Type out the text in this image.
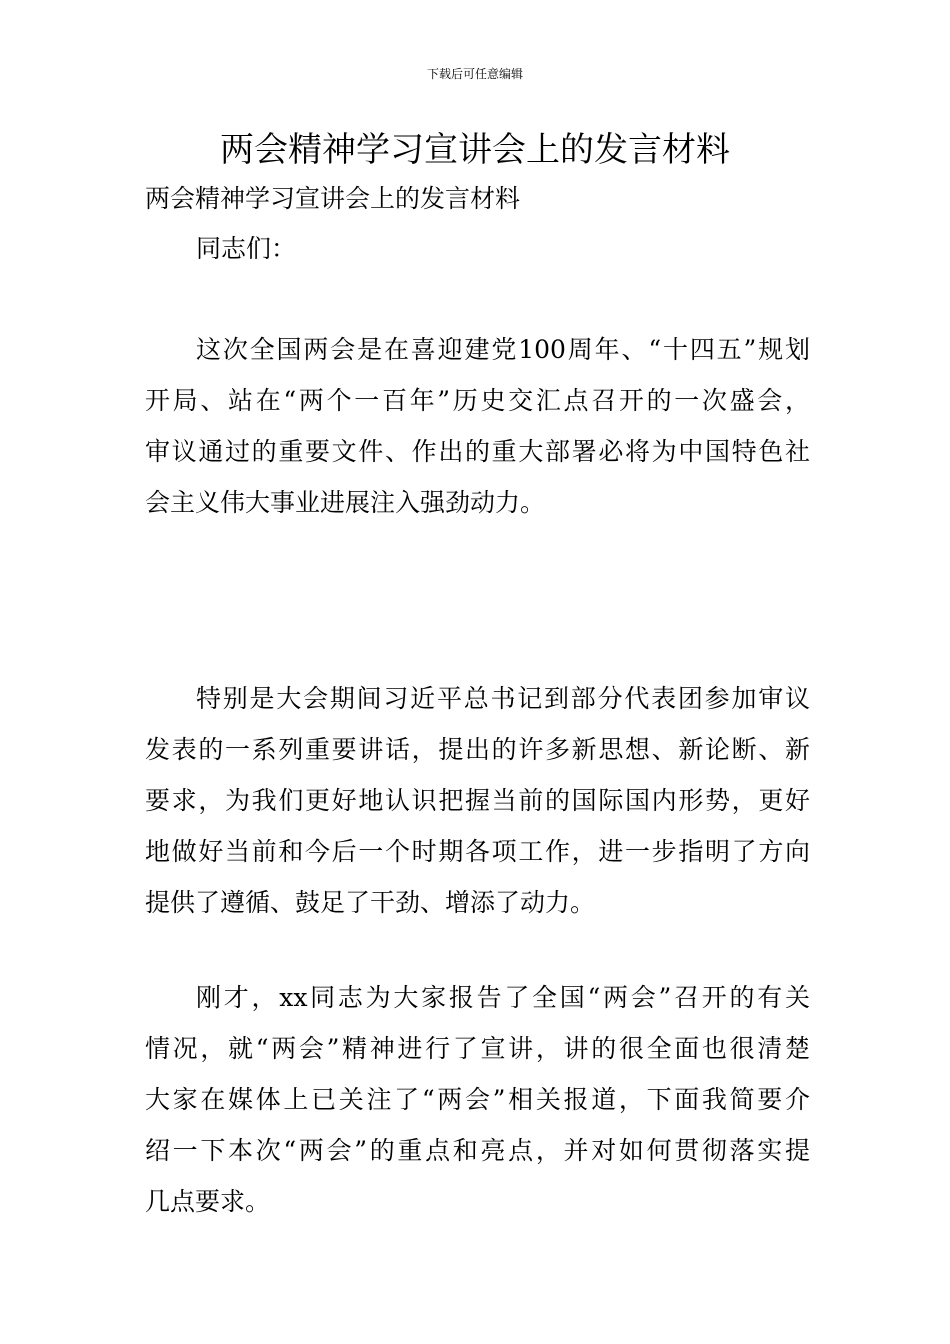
下载后可任意编辑
两会精神学习宣讲会上的发言材料
两会精神学习宣讲会上的发言材料
同志们：
这次全国两会是在喜迎建党100周年、“十四五”规划
开局、站在“两个一百年”历史交汇点召开的一次盛会，
审议通过的重要文件、作出的重大部署必将为中国特色社
会主义伟大事业进展注入强劲动力。
特别是大会期间习近平总书记到部分代表团参加审议
发表的一系列重要讲话，提出的许多新思想、新论断、新
要求，为我们更好地认识把握当前的国际国内形势，更好
地做好当前和今后一个时期各项工作，进一步指明了方向
提供了遵循、鼓足了干劲、增添了动力。
刚才，xx同志为大家报告了全国“两会”召开的有关
情况，就“两会”精神进行了宣讲，讲的很全面也很清楚
大家在媒体上已关注了“两会”相关报道，下面我简要介
绍一下本次“两会”的重点和亮点，并对如何贯彻落实提
几点要求。
